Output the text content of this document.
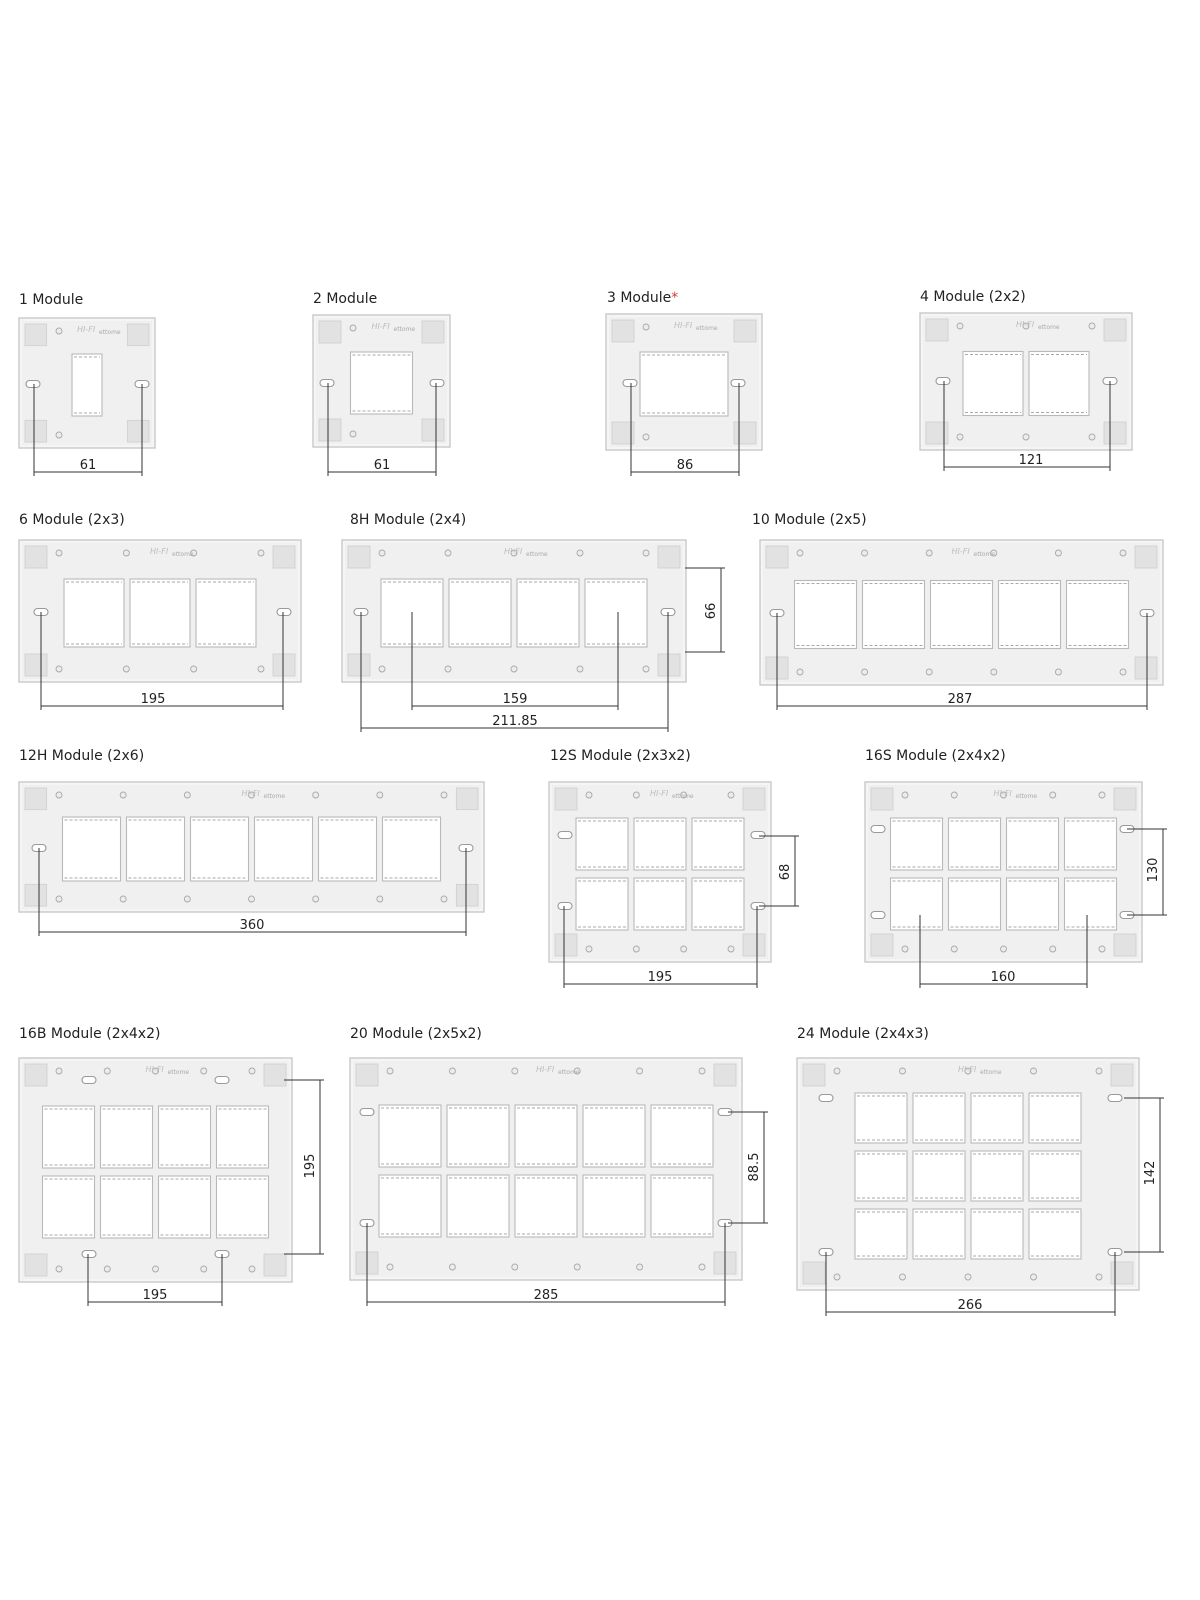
1 Module
HI-FI ettome
61
2 Module
HI-FI ettome
61
3 Module*
HI-FI ettome
86
4 Module (2x2)
HI-FI ettome
121
6 Module (2x3)
HI-FI ettome
195
8H Module (2x4)
HI-FI ettome
159
211.85
66
10 Module (2x5)
HI-FI ettome
287
12H Module (2x6)
HI-FI ettome
360
12S Module (2x3x2)
HI-FI ettome
195
68
16S Module (2x4x2)
HI-FI ettome
160
130
16B Module (2x4x2)
HI-FI ettome
195
195
20 Module (2x5x2)
HI-FI ettome
285
88.5
24 Module (2x4x3)
HI-FI ettome
266
142
